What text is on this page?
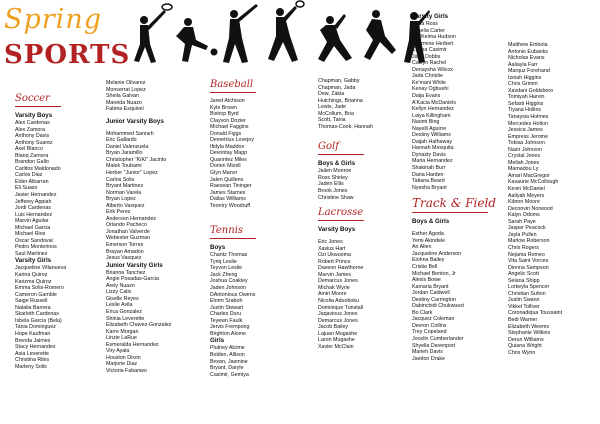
Spring
SPORTS
Soccer
Varsity Boys
Alex Cardenas
Alex Zamora
Anthony Davis
Anthony Suarez
Axel Blanco
Blanq Zamora
Brandon Gallo
Carlitos Maldonado
Carlos Diaz
Elder Albarran
Eli Suazo
Javier Hernandez
Jefferey Appiah
Jordi Cardenas
Luis Hernandez
Marvin Aguilar
Michael Garcia
Michael Rios
Oscar Sandoval
Pedro Monterinos
Saul Martinez
Varsity Girls
Jacqueline Villanueva
Karina Quiroz
Karizma Quiroz
Emma Solis-Romero
Cameron Gamble
Saige Russell
Natalia Barrera
Skarleth Cardenas
Isbela Garcia (Bela)
Tania Dominguez
Hope Kaufman
Brenda Jaimes
Stacy Hernandez
Asia Leverette
Christina Riles
Marleny Solis
Melanie Olivarez
Monserrat Lopez
Sheila Galvan
Mareida Nuazo
Fatima Esquivel
Junior Varsity Boys
Mohammed Sanneh
Eric Gallardo
Daniel Valenzuela
Bryan Jaramillo
Christopher "KiKi" Jacinto
Malek Toubami
Herber "Junior" Lopez
Carlos Solis
Bryant Martinez
Norman Varela
Bryan Lopez
Alberto Vasquez
Erik Perez
Anderson Hernandez
Orlando Pacheco
Jonathan Valverde
Webester Guzman
Emerson Torres
Brayan Amadon
Jesus Vasquez
Junior Varsity Girls
Brianna Tanchez
Angie Posadas-Garcia
Arely Nuazo
Lizzy Calix
Giselle Reyes
Leslie Avila
Erica Gonzalez
Shinia Leverette
Elizabeth Chavez-Gonzalez
Karre Morgan
Linzie LaRue
Esmeralda Hernandez
Viry Ayala
Houston Dixon
Marjorie Diaz
Victoria Fabanwo
Baseball
Jared Atchison
Kyle Brown
Bishop Byrd
Clayvon Dozier
Michael Faggins
Donald Figgs
Demetrius Lovejoy
Ifidyla Maddox
Devontay Mapp
Quanntez Miles
Dorien Mizell
Glyn Manor
Jalen Quillens
Raesean Tininger
James Starnes
Dallas Williams
Teontry Woodruff
Tennis
Boys
Chantz Thomas
Tyriq Leslie
Teyvon Leslie
Jack Zheng
Joshua Coakley
Jaden Johnson
DAntonious Owens
Elorm Sraboh
Justin Stewart
Charles Duru
Teyewn Faulk
Jervis Frempong
Brighton Alome
Girls
Plutney Alcime
Bolden, Allison
Brown, Jasmine
Bryant, Daryle
Casimir, Gemiya
Chapman, Gabby
Chapman, Jada
Dew, Zakia
Hutchings, Brianna
Lewis, Jade
McCollum, Bria
Scott, Tania
Thomas-Cook, Hannah
Golf
Boys & Girls
Jailen Monroe
Ross Shirley
Jaden Ellis
Brook Jones
Christine Shaw
Lacrosse
Varsity Boys
Eric Jones
Xavius Hart
Ozi Ukwuoma
Robert Prince
Daveon Hawthorne
Marvin James
Demarcus Jones
Michak Wyrie
Amiri Moore
Nicolia Aduoboku
Dominique Tunstall
Jaqavious Jones
Demarcus Jones
Jacob Bailey
Lajuan Mugashe
Laron Mugashe
Xavier McClain
Varsity Girls
Jayla Ross
Janella Carter
MarKeima Hudson
Jazzmine Herbert
Chyna Casimir
Jade Dobbs
Caitlyn Rachel
Denaysha Wilcox
Jada Christie
Ke'mani White
Kenay Ogbuehi
Daija Evans
A'Kacia McDaniels
Kellyn Hernandez
Laiya Killingham
Naomi Bing
Nayelli Aguirre
Destiny Williams
Daijah Hathaway
Hannah Mesquita
Dynasty Davis
Maria Hernandez
Shakinah Burr
Daria Harden
Tatiana Beard
Nyesha Bryant
Track & Field
Boys & Girls
Esther Agoda
Yemi Akindele
Ari Allen
Jacqueline Anderson
Elohna Bailey
Cristie Bell
Michael Benton, Jr
Alexis Bowe
Kamaria Bryant
Jordan Caldwell
Destiny Carrington
Dabinchidi Chukwuezi
Bo Clark
Jacquez Coleman
Devron Collins
Trey Copeland
Jocelin Cumberlander
Shyella Davenport
Marieh Davis
Jaedon Drake
Matthew Embola
Antonio Eubanks
Nicholas Evans
Aaliayla Farr
Marquz Forehand
Izeiah Higgins
Chris Grimm
Xavdani Goldsboro
Tomiyah Harvin
Sefasti Higgins
Tiyana Hollins
Tanaysia Holmes
Mercedes Holton
Jessica James
Empress Jerome
Tobias Johnson
Nazir Johnson
Crystal Jones
Meilah Jones
Mamadou Ly
Amari MacGregor
Kavaurie McCollough
Kevin McDaniel
Aaliyah Meyers
Kibron Moore
Deconvin Norwood
Kalyn Odoms
Sarah Paye
Jasper Peacock
Jayla Pullen
Marlow Roberson
Chris Rogers
Nejama Romeo
Vita Saint Vorces
Dionna Sampson
Angelic Scott
Selana Shipp
Lorkeyla Spencer
Christian Sutton
Justin Swann
Vikkel Tolliver
Coronadiqua Toussaint
Bedi Warner
Elizabeth Weems
Stephanie Wilkins
Derun Williams
Quiana Wright
Chris Wynn
